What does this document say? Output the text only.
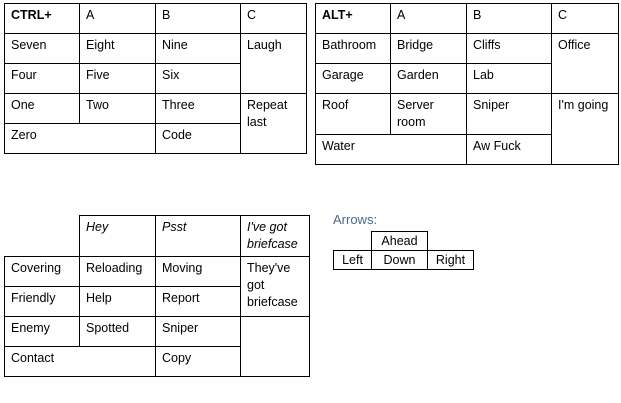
CTRL+	A	B	C
Seven	Eight	Nine	Laugh
Four	Five	Six	
One	Two	Three	Repeat last
Zero		Code	
ALT+	A	B	C
Bathroom	Bridge	Cliffs	Office
Garage	Garden	Lab	
Roof	Server room	Sniper	I'm going
Water		Aw Fuck	
	Hey	Psst	I've got briefcase
Covering	Reloading	Moving	They've got briefcase
Friendly	Help	Report	
Enemy	Spotted	Sniper	
Contact		Copy	
Arrows:
	Ahead	
Left	Down	Right
